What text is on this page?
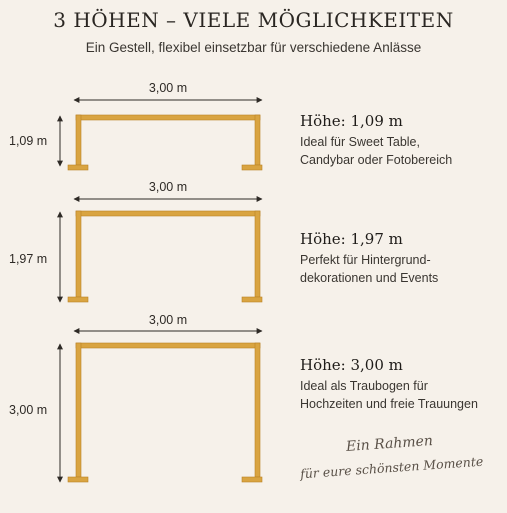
3 HÖHEN – VIELE MÖGLICHKEITEN
Ein Gestell, flexibel einsetzbar für verschiedene Anlässe
3,00 m
1,09 m
3,00 m
1,97 m
3,00 m
3,00 m
Höhe: 1,09 m
Ideal für Sweet Table,
Candybar oder Fotobereich
Höhe: 1,97 m
Perfekt für Hintergrund-
dekorationen und Events
Höhe: 3,00 m
Ideal als Traubogen für
Hochzeiten und freie Trauungen
Ein Rahmen
für eure schönsten Momente
